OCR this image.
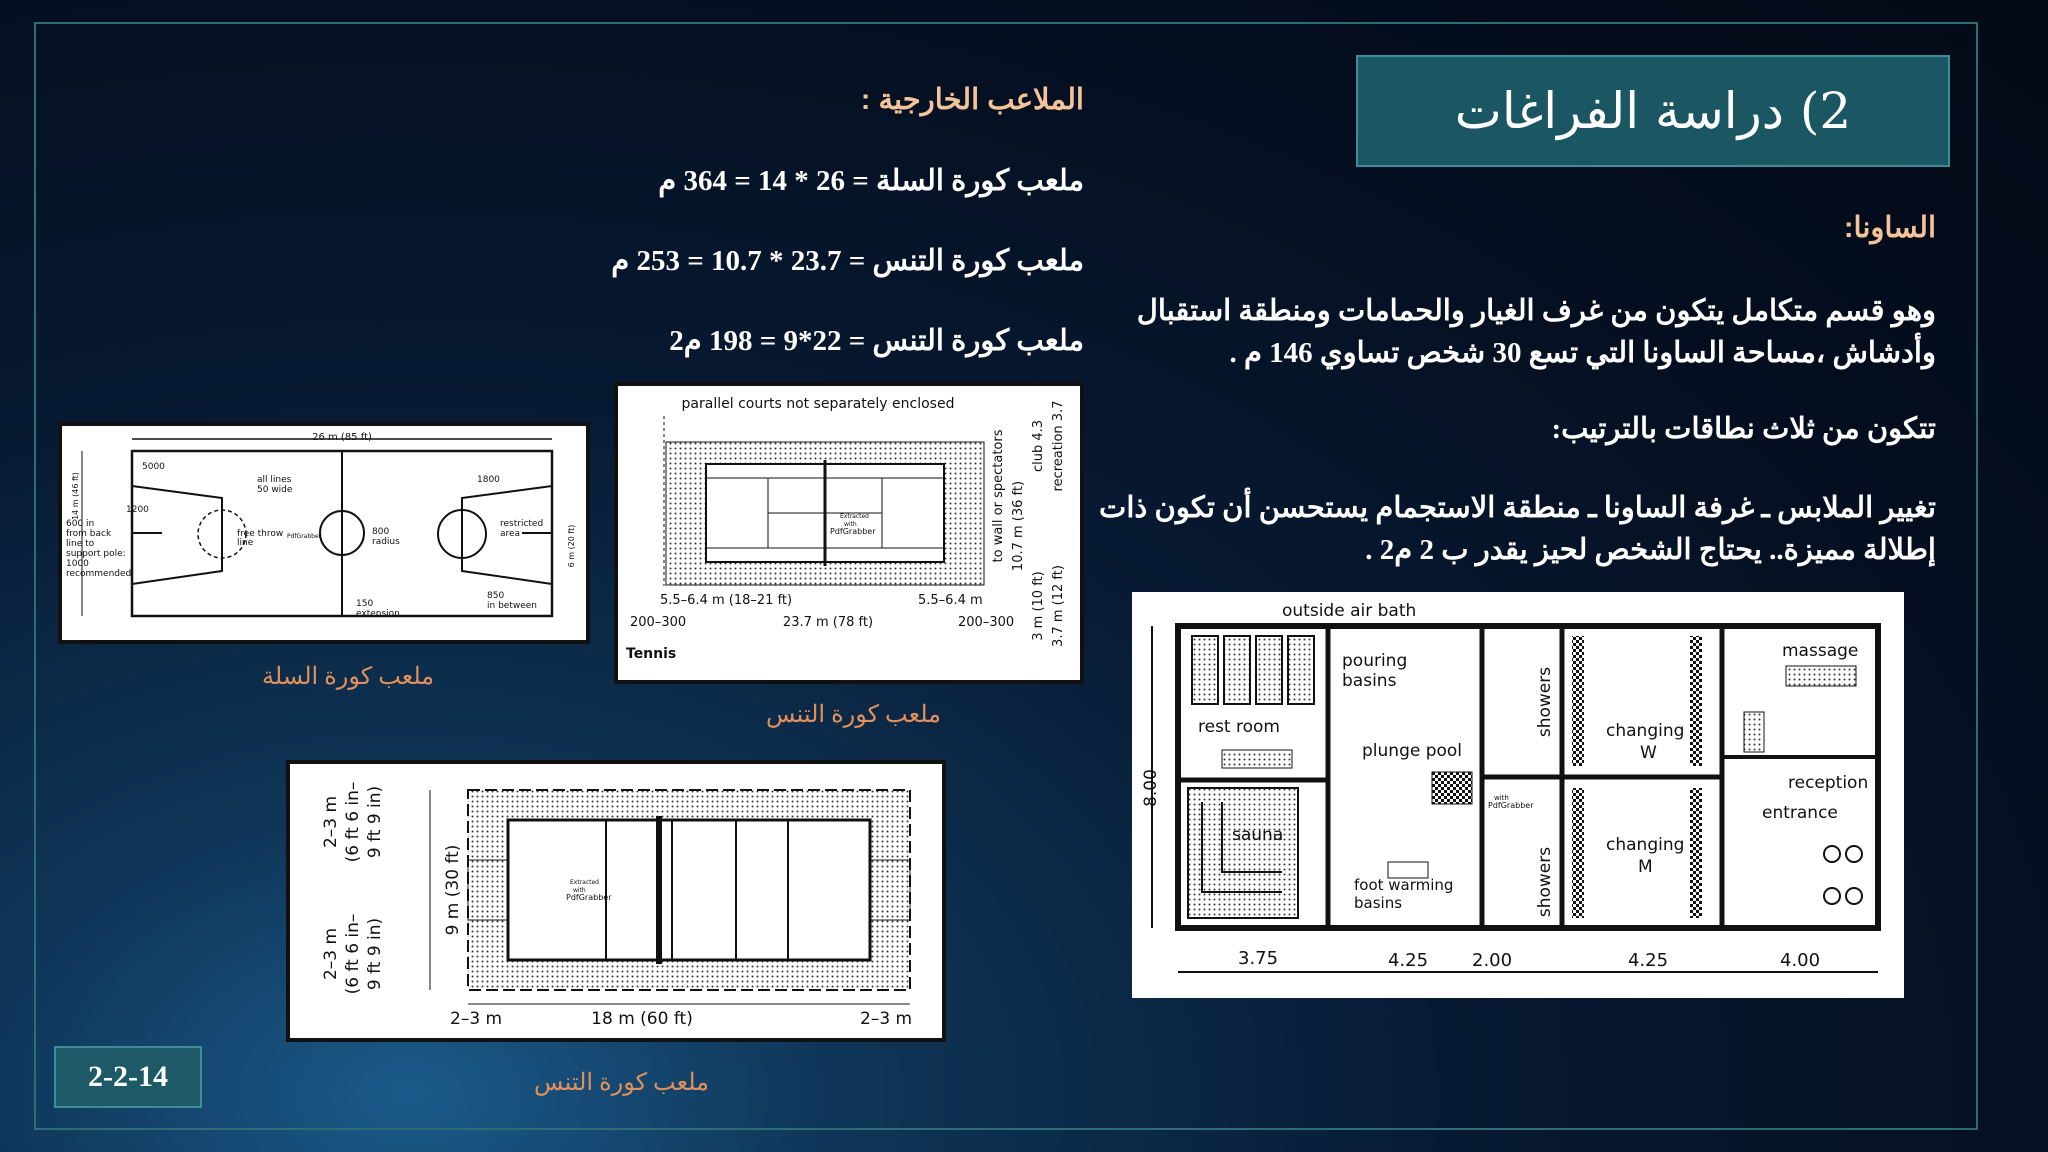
2) دراسة الفراغات
الملاعب الخارجية :
ملعب كورة السلة = 26 * 14 = 364 م
ملعب كورة التنس = 23.7 * 10.7 = 253 م
ملعب كورة التنس = 22*9 = 198 م2
الساونا:
وهو قسم متكامل يتكون من غرف الغيار والحمامات ومنطقة استقبال وأدشاش ،مساحة الساونا التي تسع 30 شخص تساوي 146 م .
تتكون من ثلاث نطاقات بالترتيب:
تغيير الملابس ـ غرفة الساونا ـ منطقة الاستجمام يستحسن أن تكون ذات إطلالة مميزة.. يحتاج الشخص لحيز يقدر ب 2 م2 .
26 m (85 ft)
14 m (46 ft)
5000
all lines
50 wide
1800
1200
600 in
from back
line to
support pole:
1000
recommended
free throw
line
PdfGrabber	800
radius
restricted
area
150
extension
850
in between
6 m (20 ft)
ملعب كورة السلة
parallel courts not separately enclosed
Extracted
with
PdfGrabber
5.5–6.4 m (18–21 ft)	5.5–6.4 m
200–300	23.7 m (78 ft)	200–300
Tennis
to wall or spectators 10.7 m (36 ft)
club 4.3 recreation 3.7
3 m (10 ft) 3.7 m (12 ft)
ملعب كورة التنس
Extracted
with
PdfGrabber
2–3 m (6 ft 6 in– 9 ft 9 in)
9 m (30 ft)
2–3 m (6 ft 6 in– 9 ft 9 in)
2–3 m	18 m (60 ft)	2–3 m
ملعب كورة التنس
outside air bath
pouring
basins
rest room
plunge pool
sauna
foot warming
basins
showers
showers
changing
W
changing
M
massage
reception
entrance
with
PdfGrabber
8.00
3.75	4.25 2.00	4.25	4.00
2-2-14
